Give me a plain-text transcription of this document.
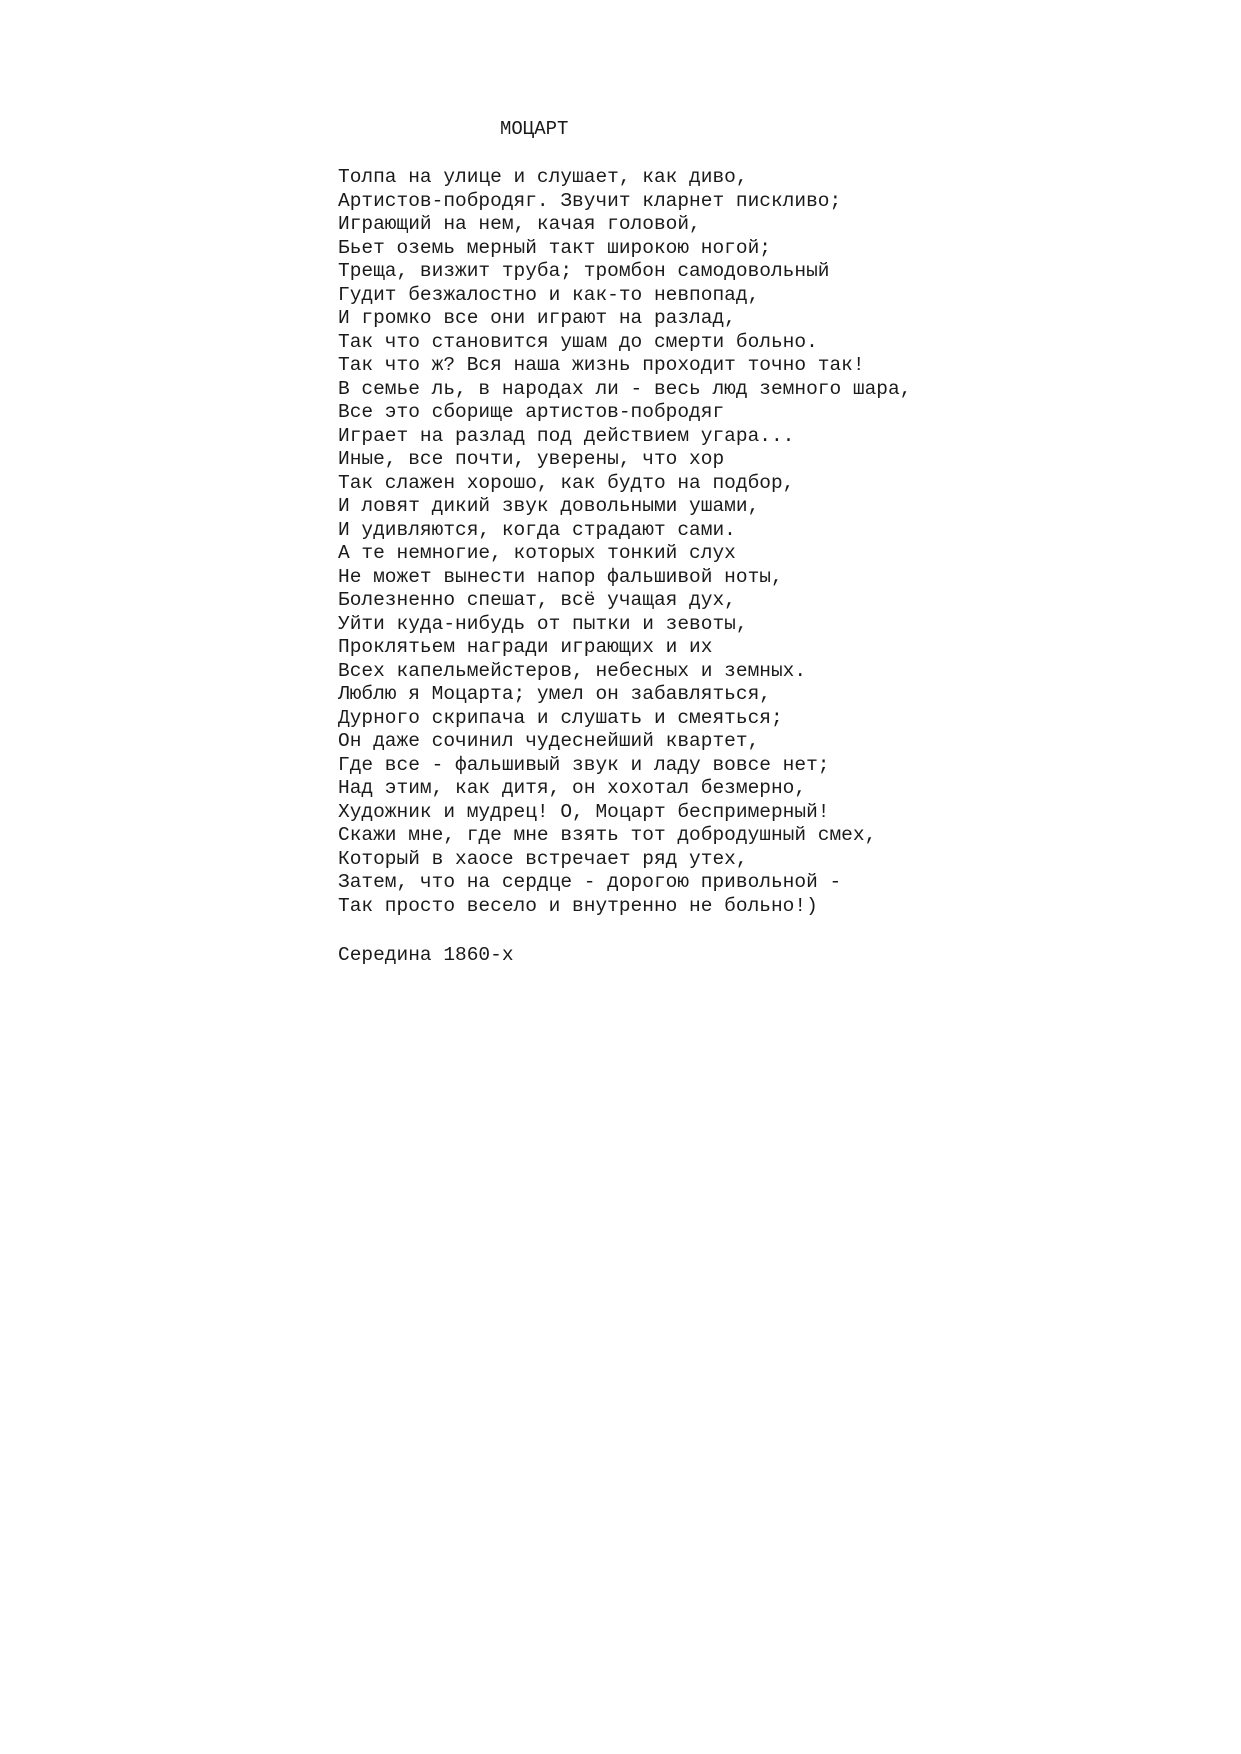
МОЦАРТ
Толпа на улице и слушает, как диво,
Артистов-побродяг. Звучит кларнет пискливо;
Играющий на нем, качая головой,
Бьет оземь мерный такт широкою ногой;
Треща, визжит труба; тромбон самодовольный
Гудит безжалостно и как-то невпопад,
И громко все они играют на разлад,
Так что становится ушам до смерти больно.
Так что ж? Вся наша жизнь проходит точно так!
В семье ль, в народах ли - весь люд земного шара,
Все это сборище артистов-побродяг
Играет на разлад под действием угара...
Иные, все почти, уверены, что хор
Так слажен хорошо, как будто на подбор,
И ловят дикий звук довольными ушами,
И удивляются, когда страдают сами.
А те немногие, которых тонкий слух
Не может вынести напор фальшивой ноты,
Болезненно спешат, всё учащая дух,
Уйти куда-нибудь от пытки и зевоты,
Проклятьем награди играющих и их
Всех капельмейстеров, небесных и земных.
Люблю я Моцарта; умел он забавляться,
Дурного скрипача и слушать и смеяться;
Он даже сочинил чудеснейший квартет,
Где все - фальшивый звук и ладу вовсе нет;
Над этим, как дитя, он хохотал безмерно,
Художник и мудрец! О, Моцарт беспримерный!
Скажи мне, где мне взять тот добродушный смех,
Который в хаосе встречает ряд утех,
Затем, что на сердце - дорогою привольной -
Так просто весело и внутренно не больно!)
Середина 1860-х
